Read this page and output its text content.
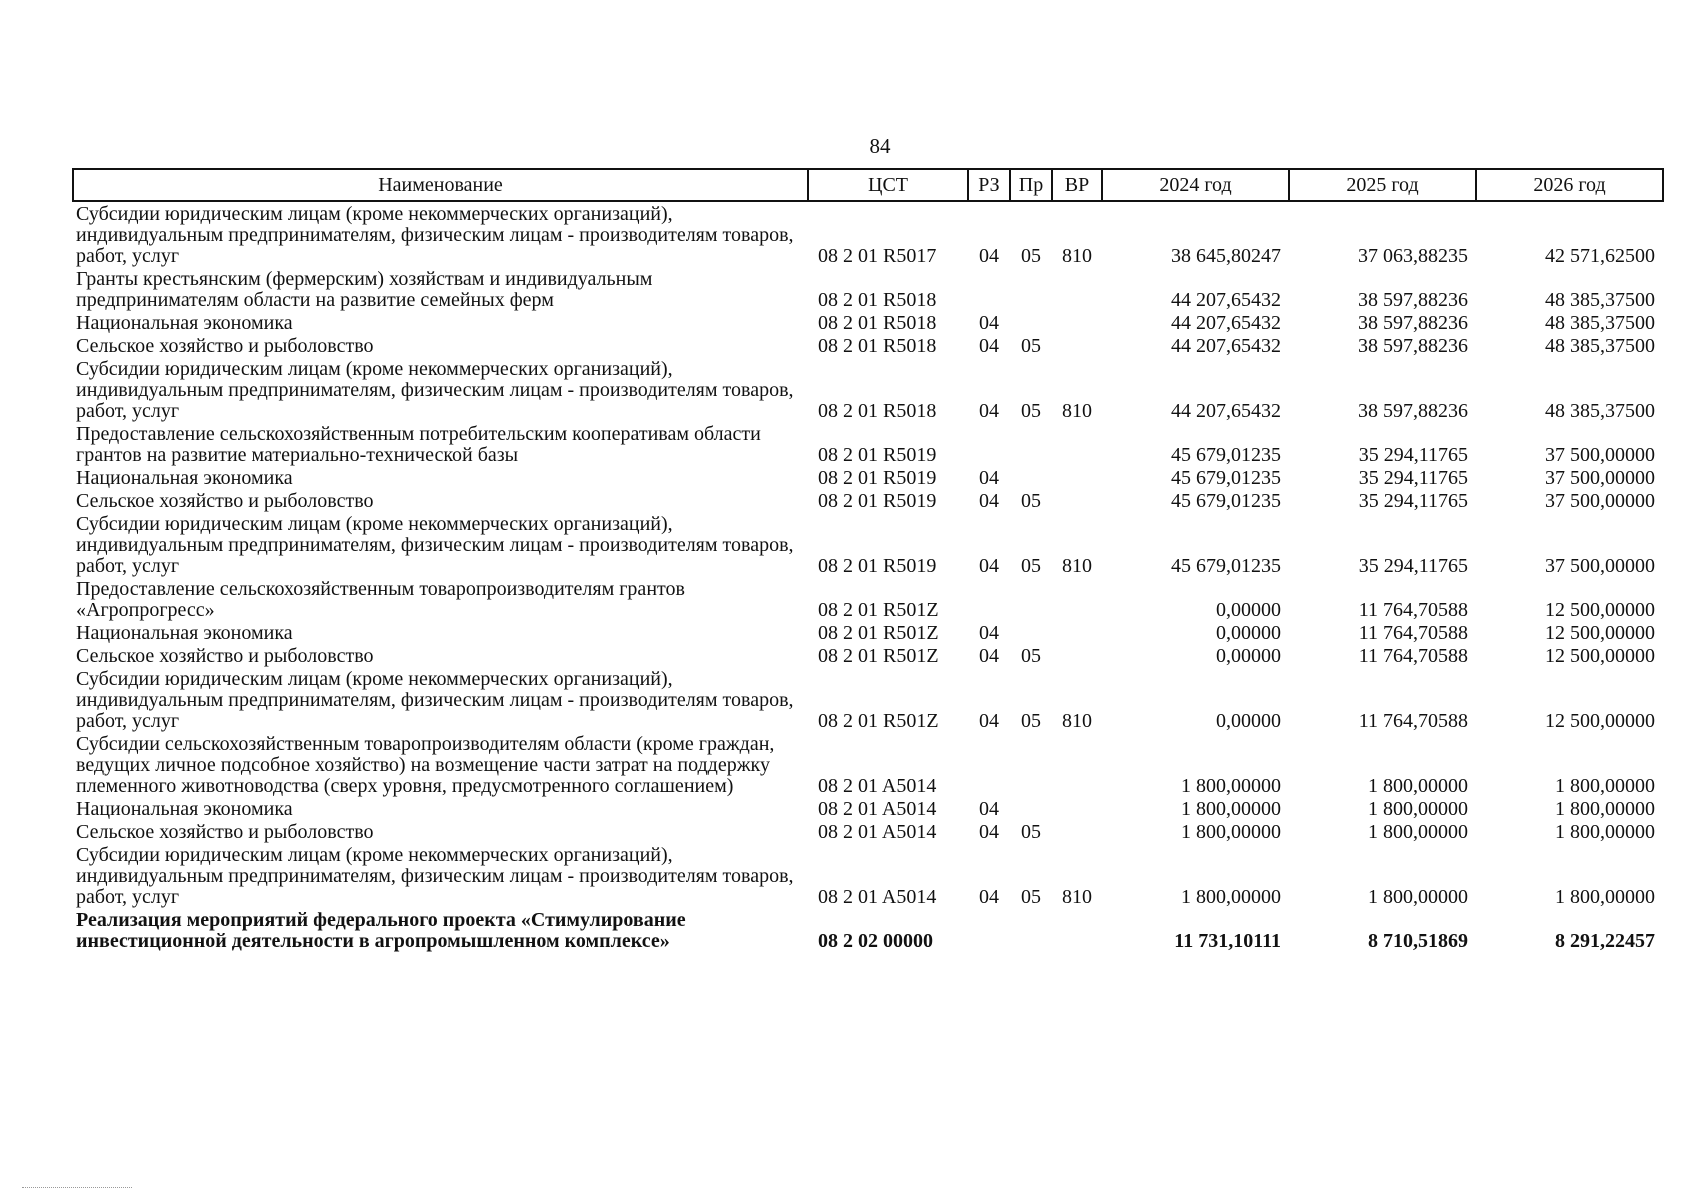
84
Наименование	ЦСТ	РЗ	Пр	ВР	2024 год	2025 год	2026 год
Субсидии юридическим лицам (кроме некоммерческих организаций), индивидуальным предпринимателям, физическим лицам - производителям товаров, работ, услуг	08 2 01 R5017	04	05	810	38 645,80247	37 063,88235	42 571,62500
Гранты крестьянским (фермерским) хозяйствам и индивидуальным предпринимателям области на развитие семейных ферм	08 2 01 R5018				44 207,65432	38 597,88236	48 385,37500
Национальная экономика	08 2 01 R5018	04			44 207,65432	38 597,88236	48 385,37500
Сельское хозяйство и рыболовство	08 2 01 R5018	04	05		44 207,65432	38 597,88236	48 385,37500
Субсидии юридическим лицам (кроме некоммерческих организаций), индивидуальным предпринимателям, физическим лицам - производителям товаров, работ, услуг	08 2 01 R5018	04	05	810	44 207,65432	38 597,88236	48 385,37500
Предоставление сельскохозяйственным потребительским кооперативам области грантов на развитие материально-технической базы	08 2 01 R5019				45 679,01235	35 294,11765	37 500,00000
Национальная экономика	08 2 01 R5019	04			45 679,01235	35 294,11765	37 500,00000
Сельское хозяйство и рыболовство	08 2 01 R5019	04	05		45 679,01235	35 294,11765	37 500,00000
Субсидии юридическим лицам (кроме некоммерческих организаций), индивидуальным предпринимателям, физическим лицам - производителям товаров, работ, услуг	08 2 01 R5019	04	05	810	45 679,01235	35 294,11765	37 500,00000
Предоставление сельскохозяйственным товаропроизводителям грантов «Агропрогресс»	08 2 01 R501Z				0,00000	11 764,70588	12 500,00000
Национальная экономика	08 2 01 R501Z	04			0,00000	11 764,70588	12 500,00000
Сельское хозяйство и рыболовство	08 2 01 R501Z	04	05		0,00000	11 764,70588	12 500,00000
Субсидии юридическим лицам (кроме некоммерческих организаций), индивидуальным предпринимателям, физическим лицам - производителям товаров, работ, услуг	08 2 01 R501Z	04	05	810	0,00000	11 764,70588	12 500,00000
Субсидии сельскохозяйственным товаропроизводителям области (кроме граждан, ведущих личное подсобное хозяйство) на возмещение части затрат на поддержку племенного животноводства (сверх уровня, предусмотренного соглашением)	08 2 01 A5014				1 800,00000	1 800,00000	1 800,00000
Национальная экономика	08 2 01 A5014	04			1 800,00000	1 800,00000	1 800,00000
Сельское хозяйство и рыболовство	08 2 01 A5014	04	05		1 800,00000	1 800,00000	1 800,00000
Субсидии юридическим лицам (кроме некоммерческих организаций), индивидуальным предпринимателям, физическим лицам - производителям товаров, работ, услуг	08 2 01 A5014	04	05	810	1 800,00000	1 800,00000	1 800,00000
Реализация мероприятий федерального проекта «Стимулирование инвестиционной деятельности в агропромышленном комплексе»	08 2 02 00000				11 731,10111	8 710,51869	8 291,22457
